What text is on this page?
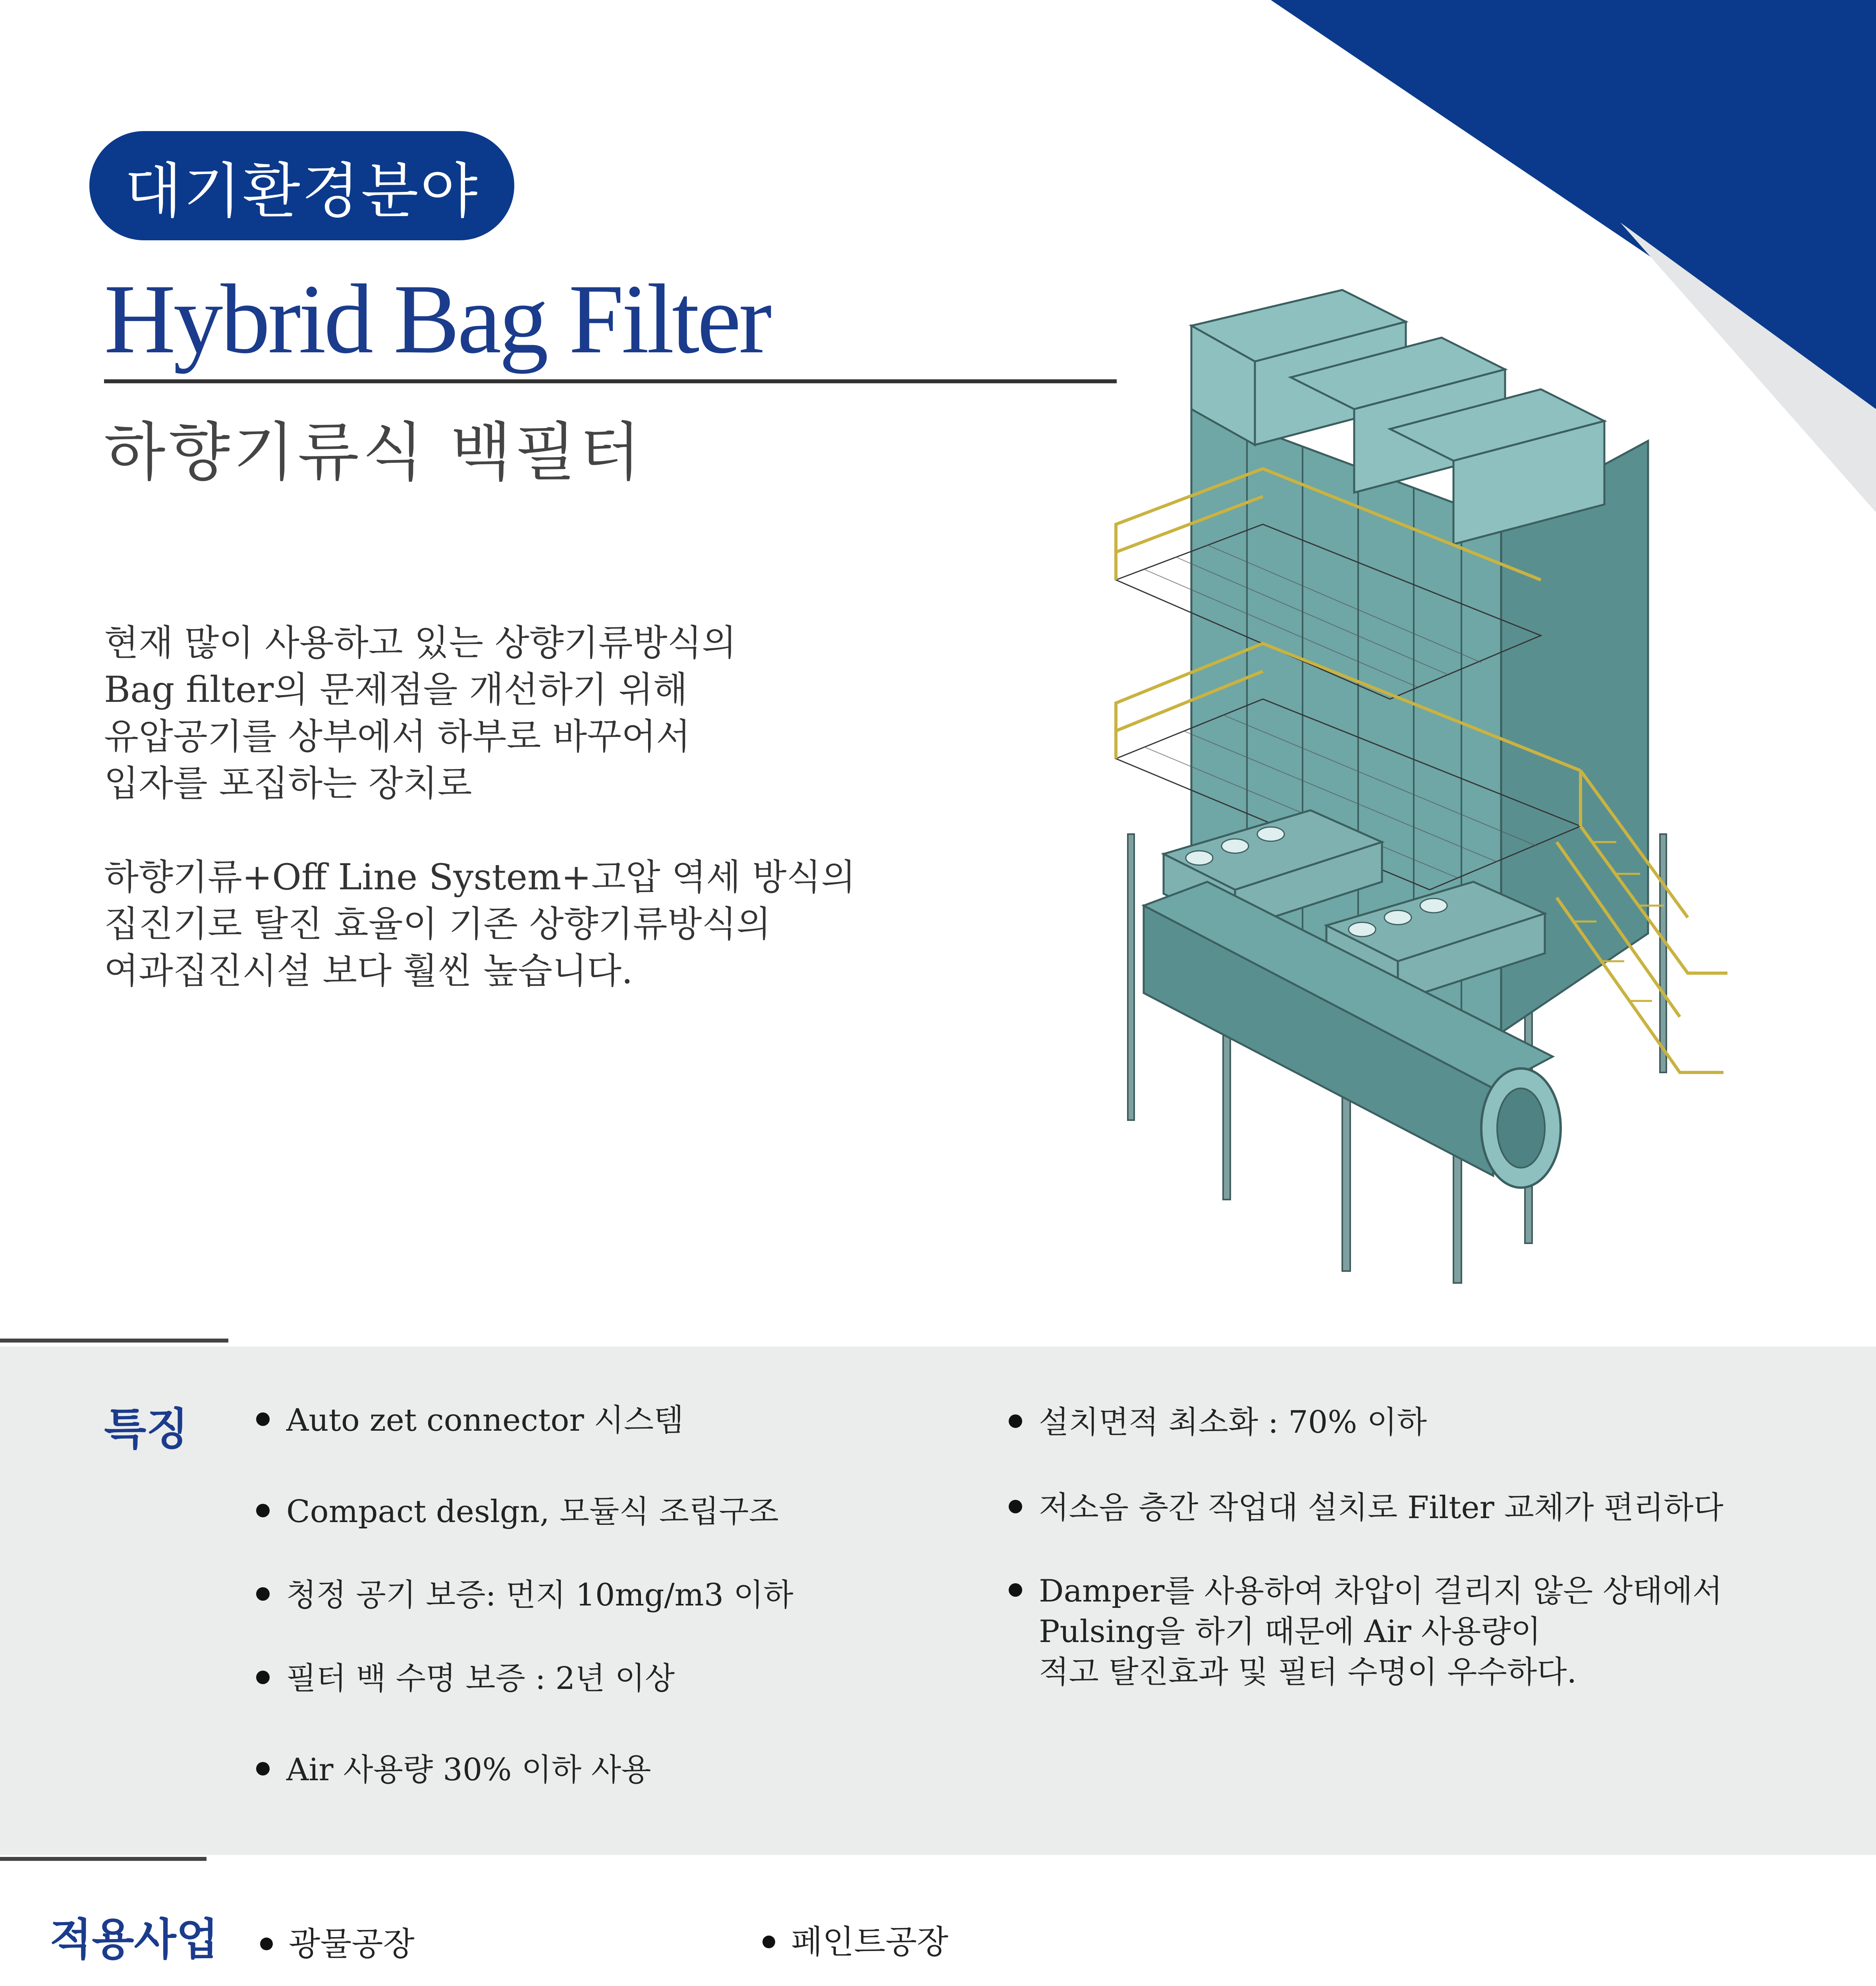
대기환경분야
Hybrid Bag Filter
하향기류식 백필터

현재 많이 사용하고 있는 상향기류방식의

Bag filter의 문제점을 개선하기 위해

유압공기를 상부에서 하부로 바꾸어서

입자를 포집하는 장치로

하향기류+Off Line System+고압 역세 방식의

집진기로 탈진 효율이 기존 상향기류방식의

여과집진시설 보다 훨씬 높습니다.

특징	Auto zet connector 시스템
Compact deslgn, 모듈식 조립구조
청정 공기 보증: 먼지 10mg/m3 이하
필터 백 수명 보증 : 2년 이상
Air 사용량 30% 이하 사용
설치면적 최소화 : 70% 이하
저소음 층간 작업대 설치로 Filter 교체가 편리하다
Damper를 사용하여 차압이 걸리지 않은 상태에서
Pulsing을 하기 때문에 Air 사용량이
적고 탈진효과 및 필터 수명이 우수하다.
적용사업	광물공장	페인트공장
